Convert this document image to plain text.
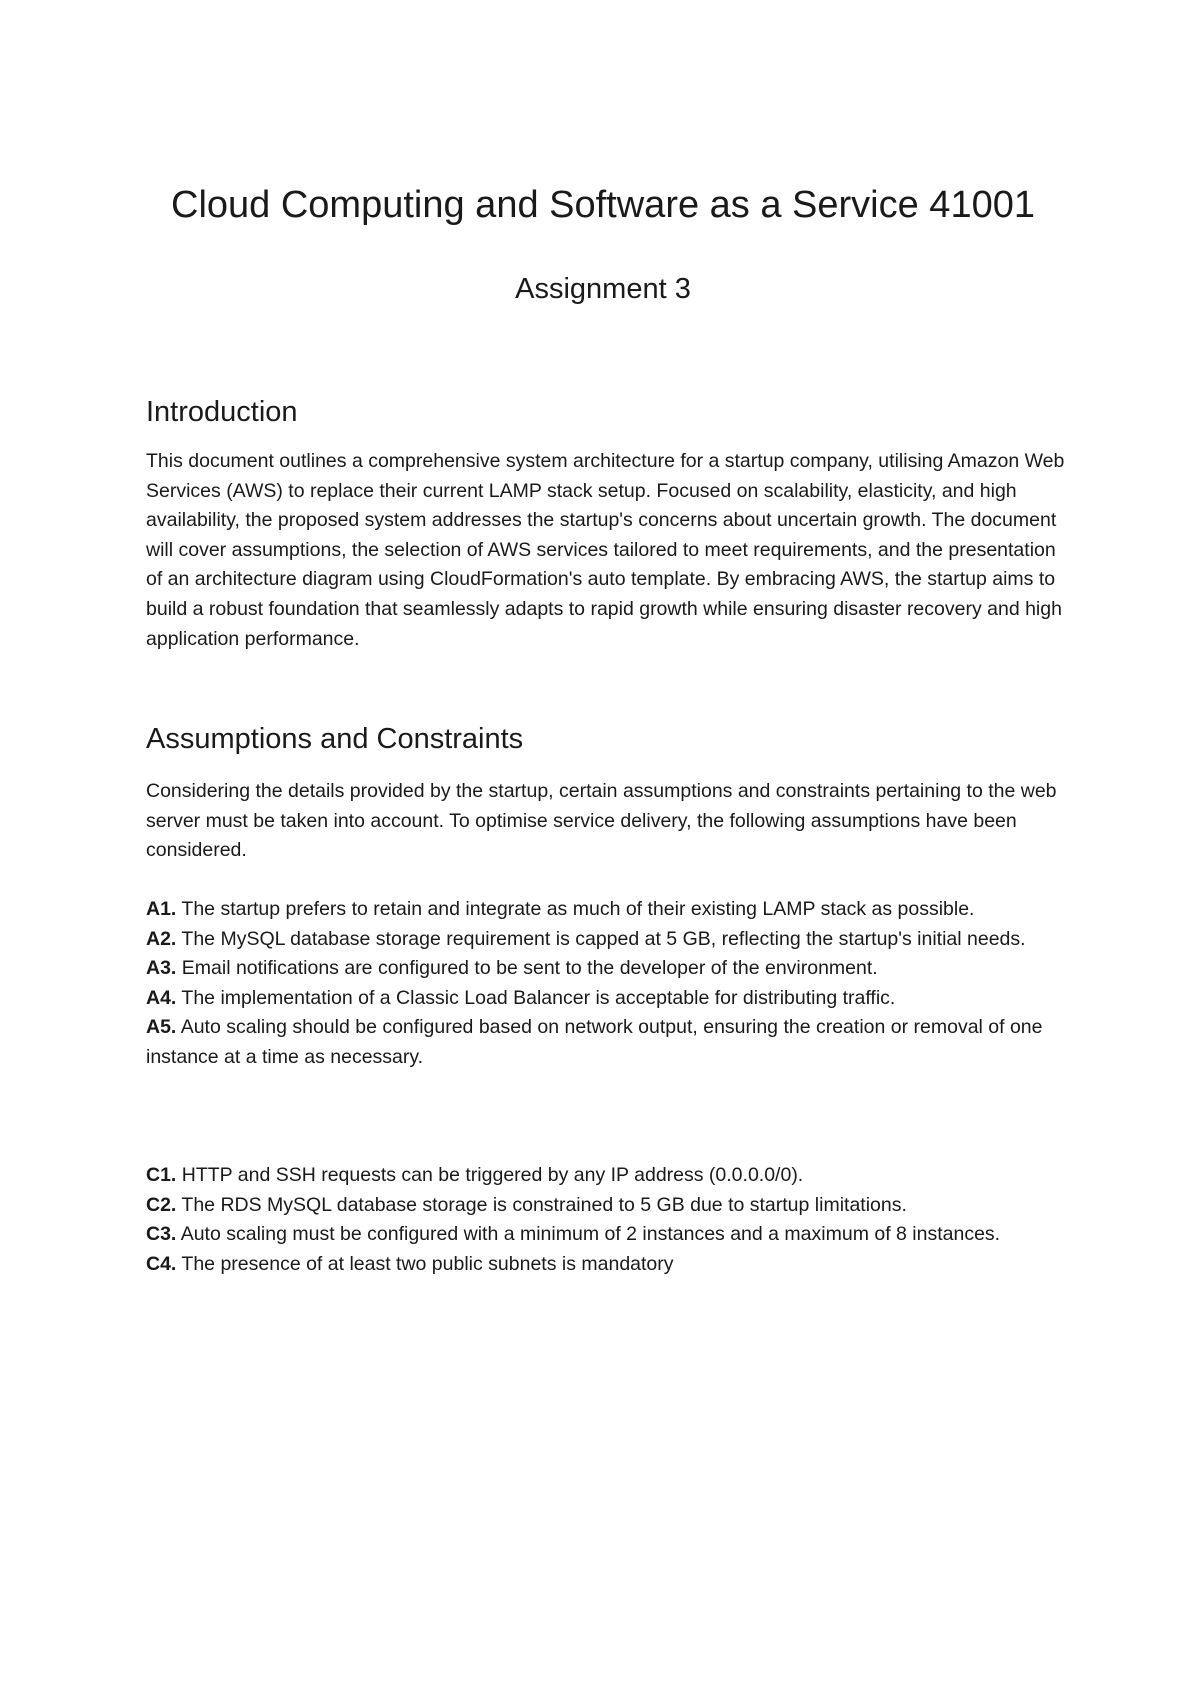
Cloud Computing and Software as a Service 41001
Assignment 3
Introduction

This document outlines a comprehensive system architecture for a startup company, utilising Amazon Web Services (AWS) to replace their current LAMP stack setup. Focused on scalability, elasticity, and high availability, the proposed system addresses the startup's concerns about uncertain growth. The document will cover assumptions, the selection of AWS services tailored to meet requirements, and the presentation of an architecture diagram using CloudFormation's auto template. By embracing AWS, the startup aims to build a robust foundation that seamlessly adapts to rapid growth while ensuring disaster recovery and high application performance.

Assumptions and Constraints

Considering the details provided by the startup, certain assumptions and constraints pertaining to the web server must be taken into account. To optimise service delivery, the following assumptions have been considered.

A1. The startup prefers to retain and integrate as much of their existing LAMP stack as possible.
A2. The MySQL database storage requirement is capped at 5 GB, reflecting the startup's initial needs.
A3. Email notifications are configured to be sent to the developer of the environment.
A4. The implementation of a Classic Load Balancer is acceptable for distributing traffic.
A5. Auto scaling should be configured based on network output, ensuring the creation or removal of one instance at a time as necessary.
C1. HTTP and SSH requests can be triggered by any IP address (0.0.0.0/0).
C2. The RDS MySQL database storage is constrained to 5 GB due to startup limitations.
C3. Auto scaling must be configured with a minimum of 2 instances and a maximum of 8 instances.
C4. The presence of at least two public subnets is mandatory
